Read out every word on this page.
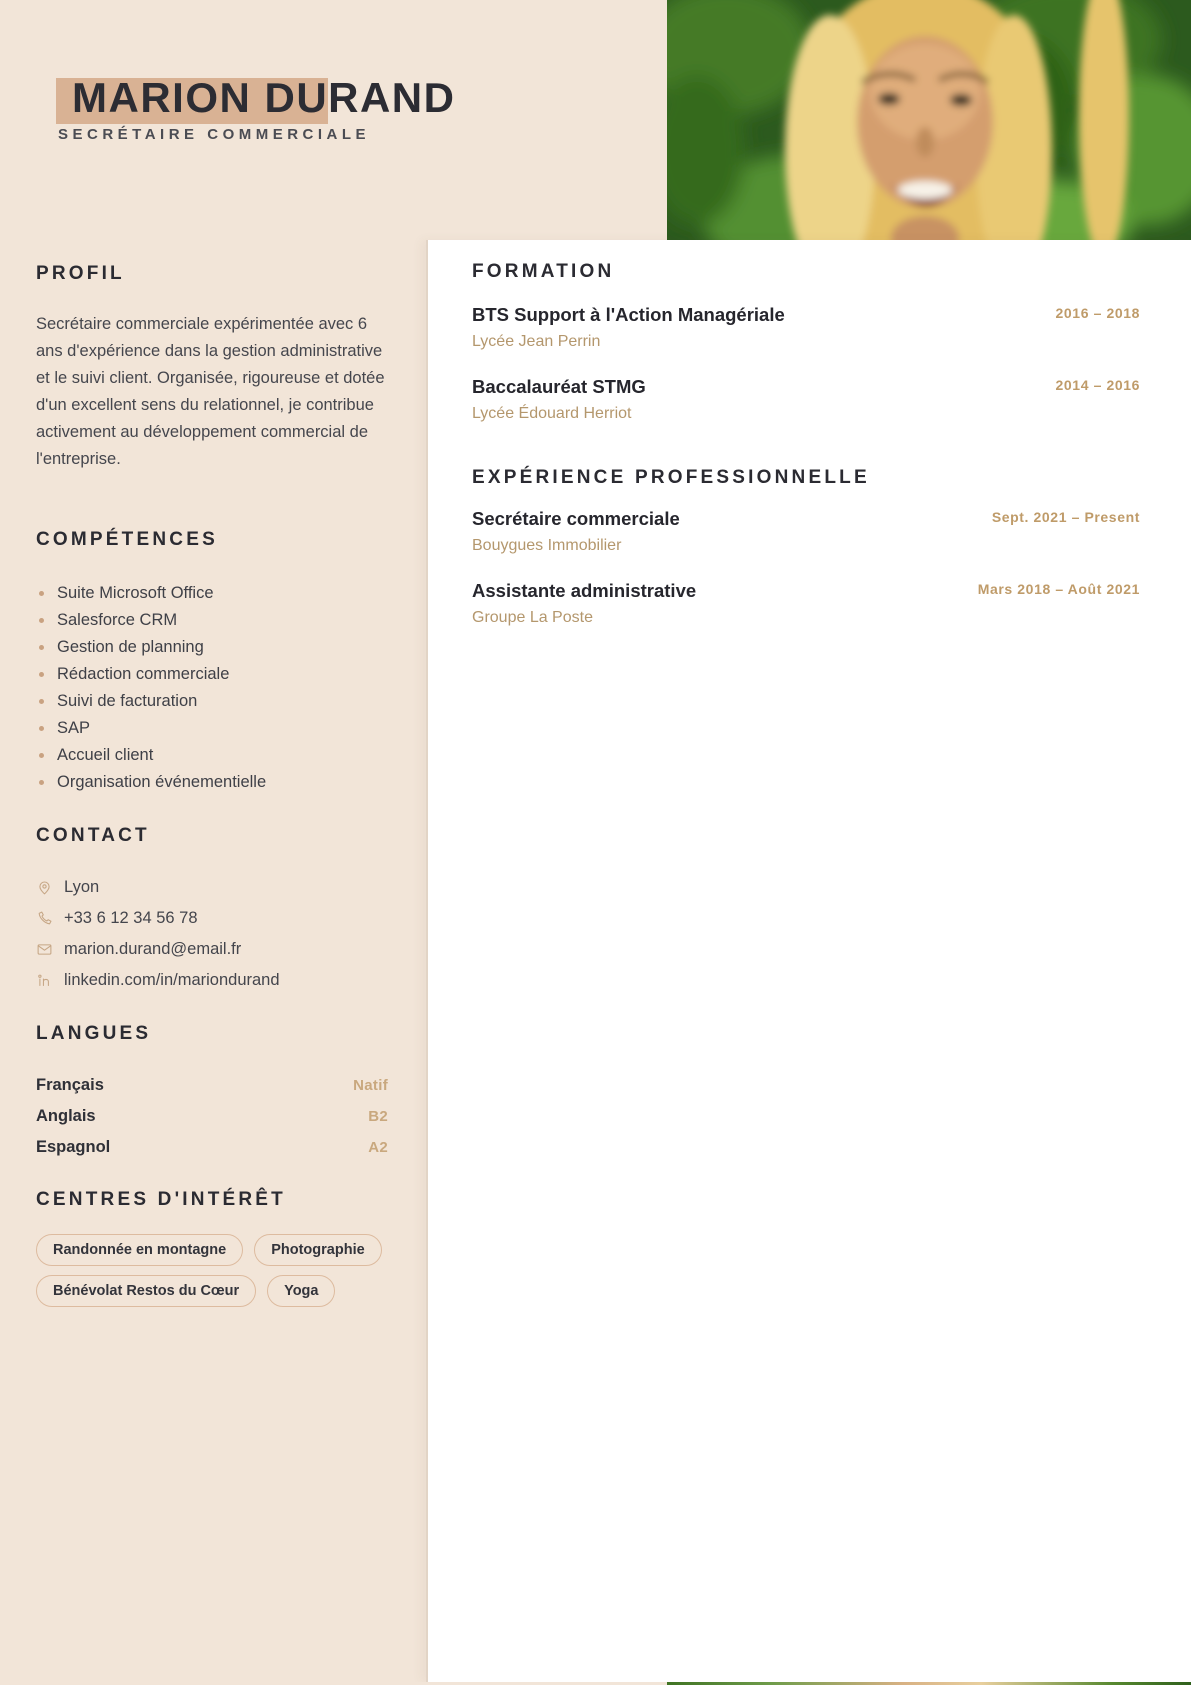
MARION DURAND
SECRÉTAIRE COMMERCIALE
FORMATION
BTS Support à l'Action Managériale

Lycée Jean Perrin

2016 – 2018
Baccalauréat STMG

Lycée Édouard Herriot

2014 – 2016
EXPÉRIENCE PROFESSIONNELLE
Secrétaire commerciale

Bouygues Immobilier

Sept. 2021 – Present
Assistante administrative

Groupe La Poste

Mars 2018 – Août 2021
PROFIL

Secrétaire commerciale expérimentée avec 6 ans d'expérience dans la gestion administrative et le suivi client. Organisée, rigoureuse et dotée d'un excellent sens du relationnel, je contribue activement au développement commercial de l'entreprise.

COMPÉTENCES
Suite Microsoft Office
Salesforce CRM
Gestion de planning
Rédaction commerciale
Suivi de facturation
SAP
Accueil client
Organisation événementielle
CONTACT
Lyon
+33 6 12 34 56 78
marion.durand@email.fr
linkedin.com/in/mariondurand
LANGUES
Français	Natif
Anglais	B2
Espagnol	A2
CENTRES D'INTÉRÊT
Randonnée en montagne	Photographie
Bénévolat Restos du Cœur	Yoga
